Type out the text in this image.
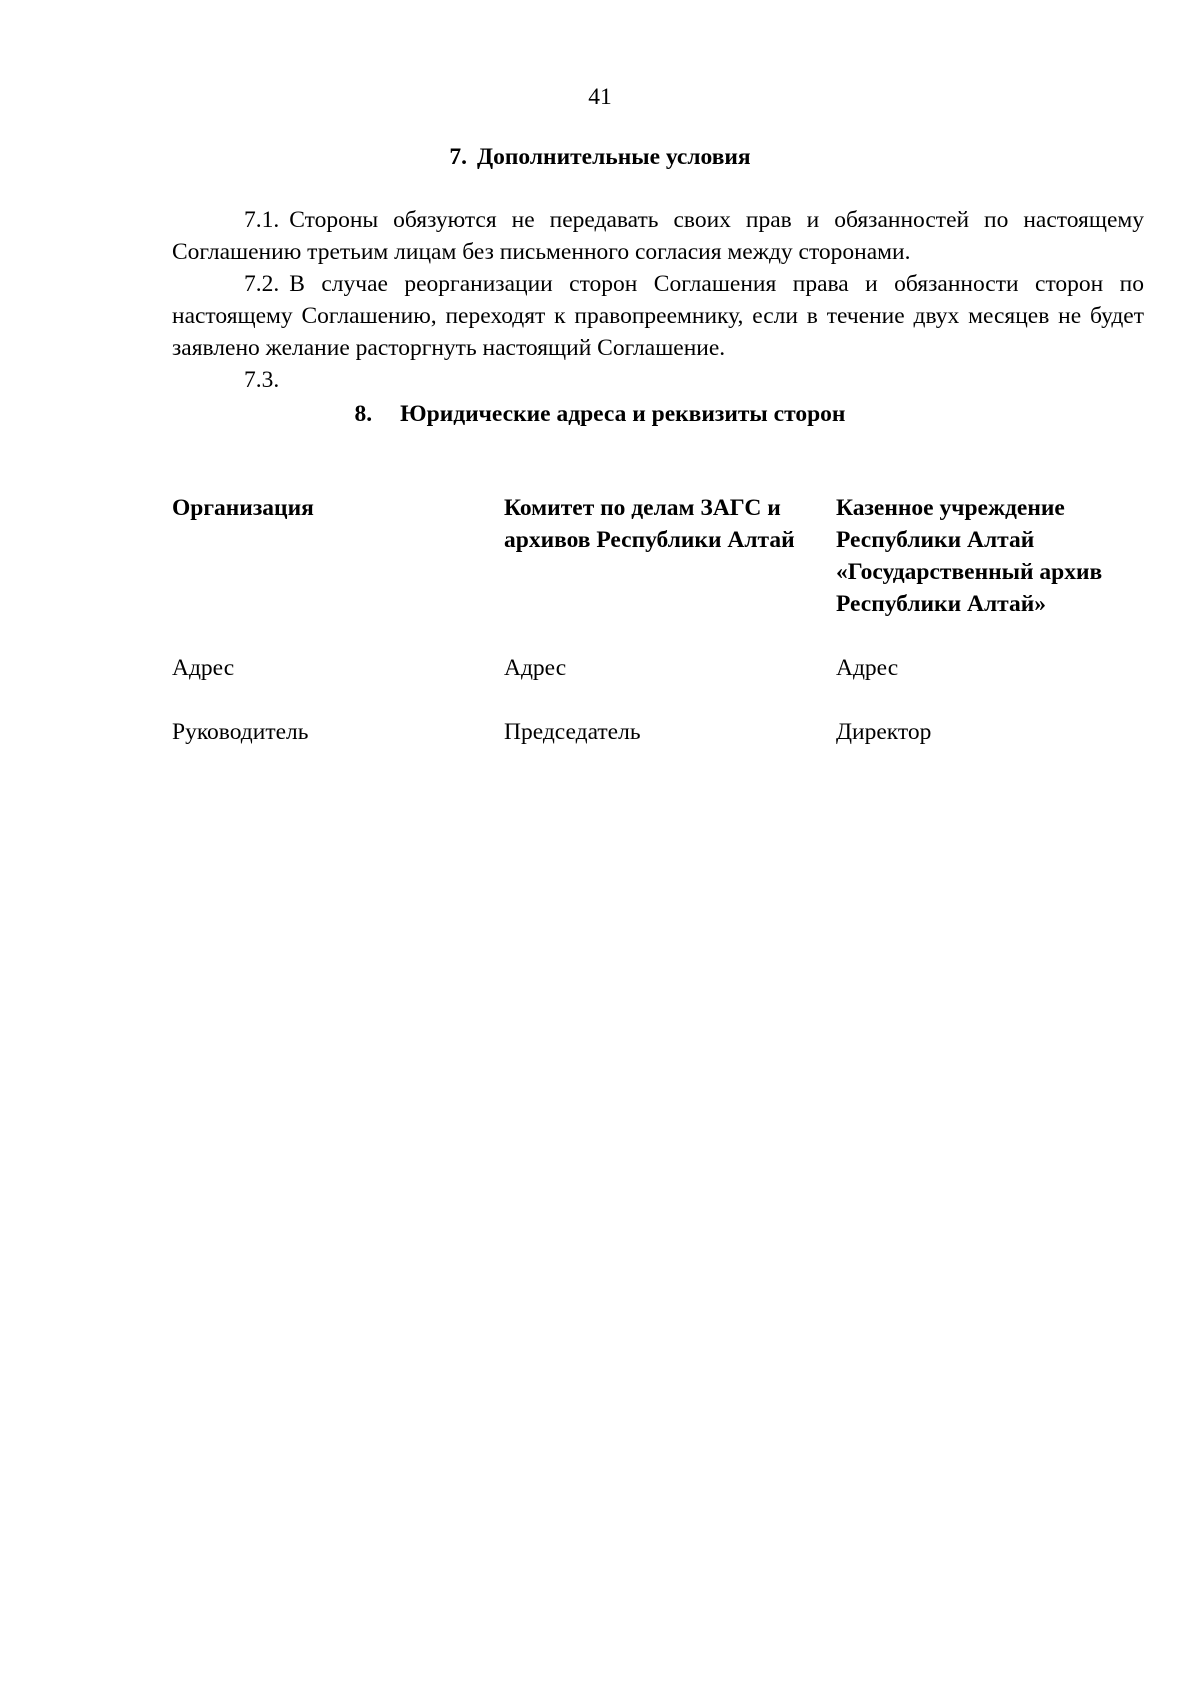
41
7. Дополнительные условия

7.1. Стороны обязуются не передавать своих прав и обязанностей по настоящему Соглашению третьим лицам без письменного согласия между сторонами.

7.2. В случае реорганизации сторон Соглашения права и обязанности сторон по настоящему Соглашению, переходят к правопреемнику, если в течение двух месяцев не будет заявлено желание расторгнуть настоящий Соглашение.

7.3.

8. Юридические адреса и реквизиты сторон
Организация	Комитет по делам ЗАГС и архивов Республики Алтай	Казенное учреждение Республики Алтай «Государственный архив Республики Алтай»
Адрес	Адрес	Адрес
Руководитель	Председатель	Директор
